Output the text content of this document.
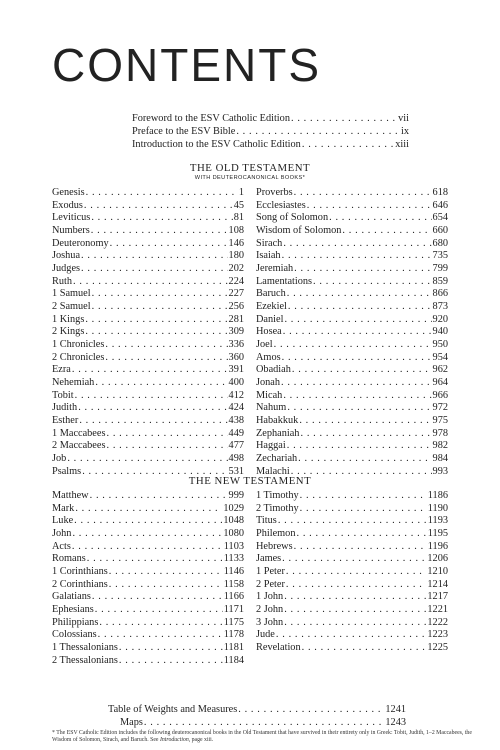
CONTENTS
Foreword to the ESV Catholic Edition . . .	vii
Preface to the ESV Bible . . .	ix
Introduction to the ESV Catholic Edition . . .	xiii
THE OLD TESTAMENT
WITH DEUTEROCANONICAL BOOKS*
Genesis . . .	1
Exodus . . .	45
Leviticus . . .	81
Numbers . . .	108
Deuteronomy . . .	146
Joshua . . .	180
Judges . . .	202
Ruth . . .	224
1 Samuel . . .	227
2 Samuel . . .	256
1 Kings . . .	281
2 Kings . . .	309
1 Chronicles . . .	336
2 Chronicles . . .	360
Ezra . . .	391
Nehemiah . . .	400
Tobit . . .	412
Judith . . .	424
Esther . . .	438
1 Maccabees . . .	449
2 Maccabees . . .	477
Job . . .	498
Psalms . . .	531
Proverbs . . .	618
Ecclesiastes . . .	646
Song of Solomon . . .	654
Wisdom of Solomon . . .	660
Sirach . . .	680
Isaiah . . .	735
Jeremiah . . .	799
Lamentations . . .	859
Baruch . . .	866
Ezekiel . . .	873
Daniel . . .	920
Hosea . . .	940
Joel . . .	950
Amos . . .	954
Obadiah . . .	962
Jonah . . .	964
Micah . . .	966
Nahum . . .	972
Habakkuk . . .	975
Zephaniah . . .	978
Haggai . . .	982
Zechariah . . .	984
Malachi . . .	993
THE NEW TESTAMENT
Matthew . . .	999
Mark . . .	1029
Luke . . .	1048
John . . .	1080
Acts . . .	1103
Romans . . .	1133
1 Corinthians . . .	1146
2 Corinthians . . .	1158
Galatians . . .	1166
Ephesians . . .	1171
Philippians . . .	1175
Colossians . . .	1178
1 Thessalonians . . .	1181
2 Thessalonians . . .	1184
1 Timothy . . .	1186
2 Timothy . . .	1190
Titus . . .	1193
Philemon . . .	1195
Hebrews . . .	1196
James . . .	1206
1 Peter . . .	1210
2 Peter . . .	1214
1 John . . .	1217
2 John . . .	1221
3 John . . .	1222
Jude . . .	1223
Revelation . . .	1225
Table of Weights and Measures . . .	1241
Maps . . .	1243
* The ESV Catholic Edition includes the following deuterocanonical books in the Old Testament that have survived in their entirety only in Greek: Tobit, Judith, 1–2 Maccabees, the Wisdom of Solomon, Sirach, and Baruch. See Introduction, page xiii.
